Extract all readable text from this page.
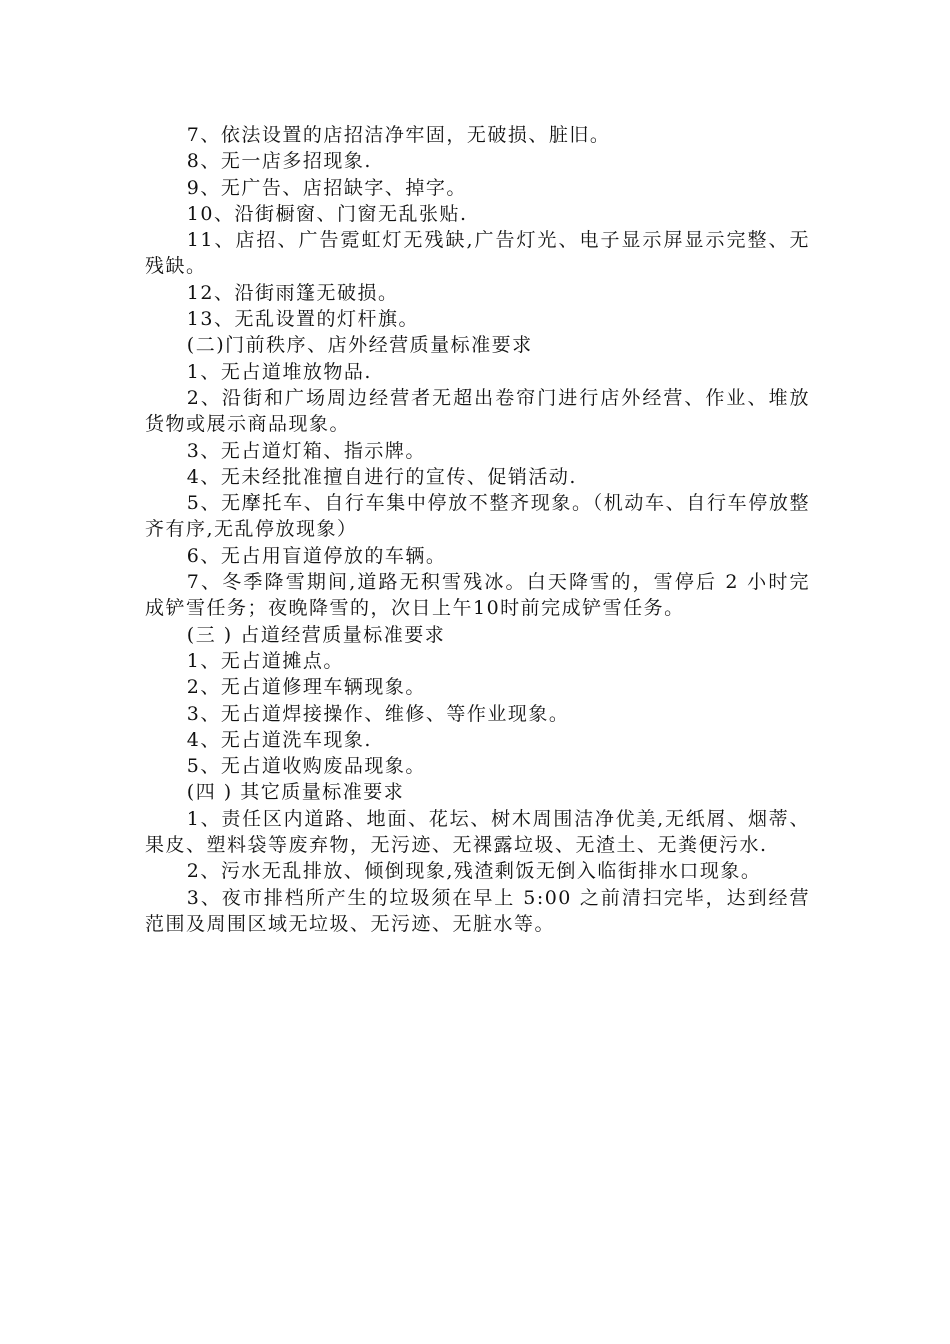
7、依法设置的店招洁净牢固，无破损、脏旧。

8、无一店多招现象.

9、无广告、店招缺字、掉字。

10、沿街橱窗、门窗无乱张贴.

11、店招、广告霓虹灯无残缺,广告灯光、电子显示屏显示完整、无残缺。

12、沿街雨篷无破损。

13、无乱设置的灯杆旗。

(二)门前秩序、店外经营质量标准要求

1、无占道堆放物品.

2、沿街和广场周边经营者无超出卷帘门进行店外经营、作业、堆放货物或展示商品现象。

3、无占道灯箱、指示牌。

4、无未经批准擅自进行的宣传、促销活动.

5、无摩托车、自行车集中停放不整齐现象。（机动车、自行车停放整齐有序,无乱停放现象）

6、无占用盲道停放的车辆。

7、冬季降雪期间,道路无积雪残冰。白天降雪的，雪停后 2 小时完成铲雪任务；夜晚降雪的，次日上午10时前完成铲雪任务。

(三 ) 占道经营质量标准要求

1、无占道摊点。

2、无占道修理车辆现象。

3、无占道焊接操作、维修、等作业现象。

4、无占道洗车现象.

5、无占道收购废品现象。

(四 ) 其它质量标准要求

1、责任区内道路、地面、花坛、树木周围洁净优美,无纸屑、烟蒂、果皮、塑料袋等废弃物，无污迹、无裸露垃圾、无渣土、无粪便污水.

2、污水无乱排放、倾倒现象,残渣剩饭无倒入临街排水口现象。

3、夜市排档所产生的垃圾须在早上 5:00 之前清扫完毕，达到经营范围及周围区域无垃圾、无污迹、无脏水等。
